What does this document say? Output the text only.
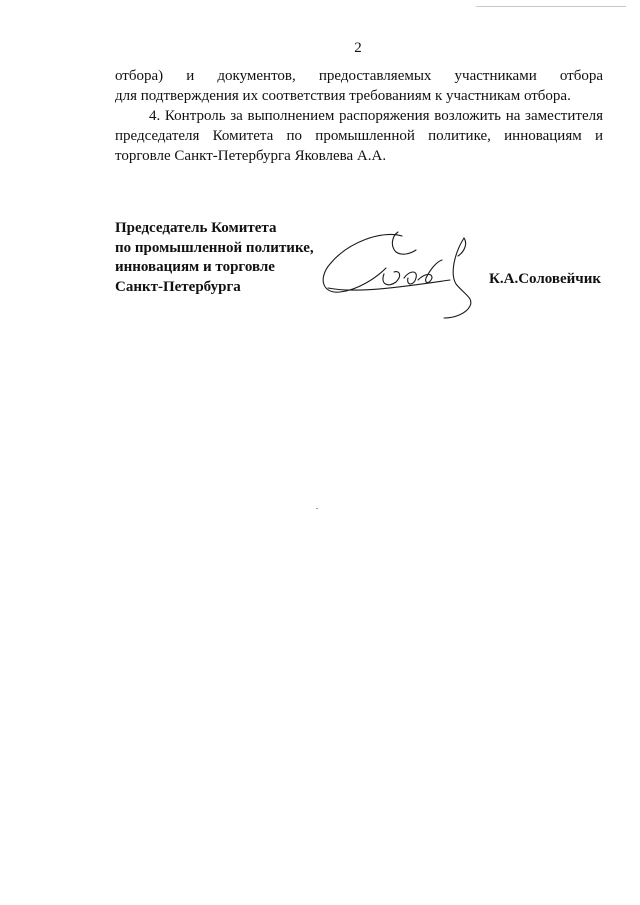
2

отбора) и документов, предоставляемых участниками отбора

для подтверждения их соответствия требованиям к участникам отбора.

4. Контроль за выполнением распоряжения возложить на заместителя председателя Комитета по промышленной политике, инновациям и торговле Санкт-Петербурга Яковлева А.А.

Председатель Комитета
по промышленной политике,
инновациям и торговле
Санкт-Петербурга	К.А.Соловейчик
